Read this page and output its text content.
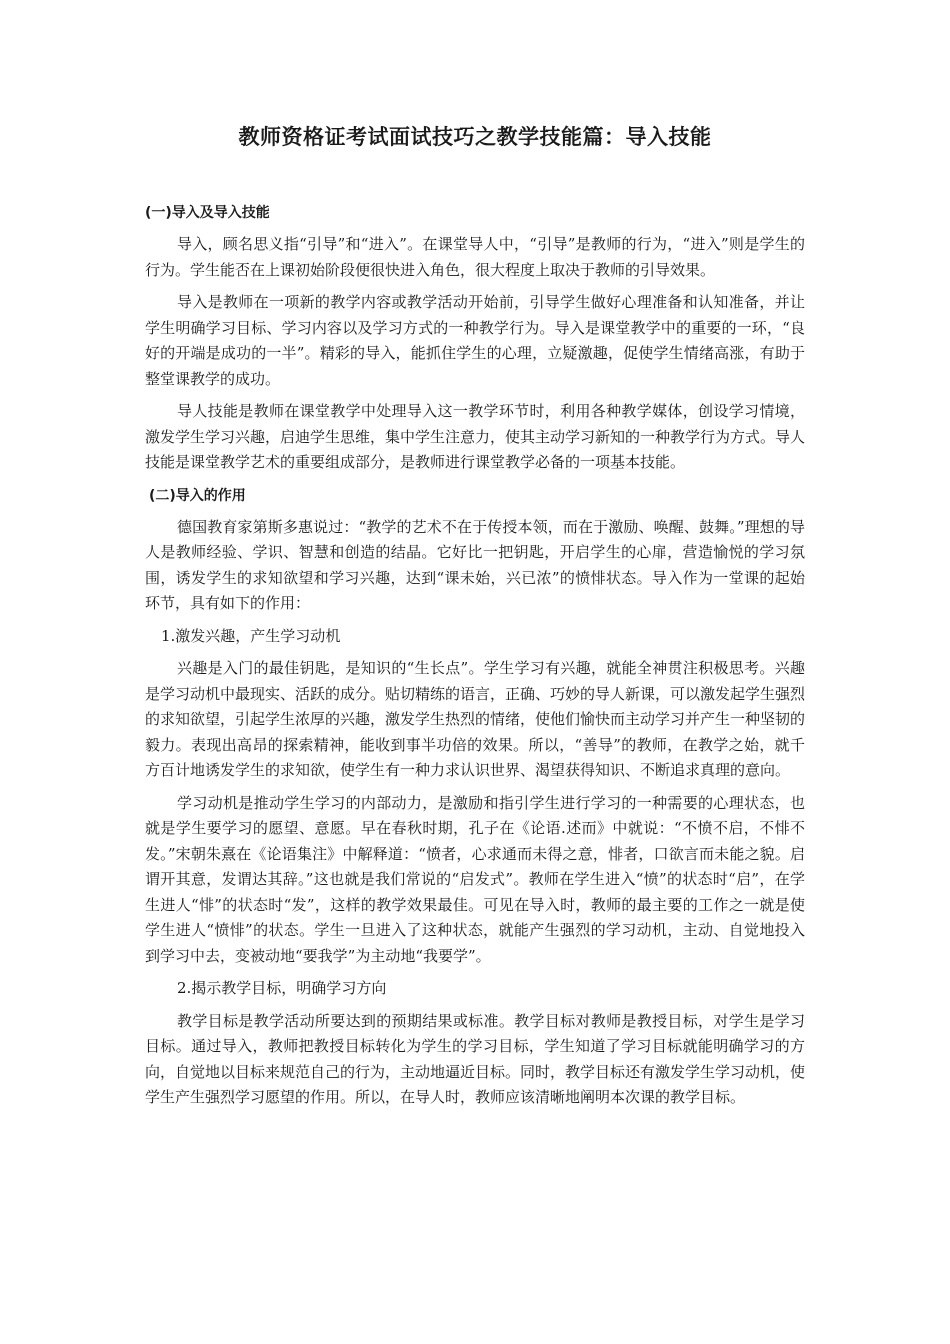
教师资格证考试面试技巧之教学技能篇：导入技能
(一)导入及导入技能

导入，顾名思义指“引导”和“进入”。在课堂导人中，“引导”是教师的行为，“进入”则是学生的行为。学生能否在上课初始阶段便很快进入角色，很大程度上取决于教师的引导效果。

导入是教师在一项新的教学内容或教学活动开始前，引导学生做好心理准备和认知准备，并让学生明确学习目标、学习内容以及学习方式的一种教学行为。导入是课堂教学中的重要的一环，“良好的开端是成功的一半”。精彩的导入，能抓住学生的心理，立疑激趣，促使学生情绪高涨，有助于整堂课教学的成功。

导人技能是教师在课堂教学中处理导入这一教学环节时，利用各种教学媒体，创设学习情境，激发学生学习兴趣，启迪学生思维，集中学生注意力，使其主动学习新知的一种教学行为方式。导人技能是课堂教学艺术的重要组成部分，是教师进行课堂教学必备的一项基本技能。

(二)导入的作用

德国教育家第斯多惠说过：“教学的艺术不在于传授本领，而在于激励、唤醒、鼓舞。”理想的导人是教师经验、学识、智慧和创造的结晶。它好比一把钥匙，开启学生的心扉，营造愉悦的学习氛围，诱发学生的求知欲望和学习兴趣，达到“课未始，兴已浓”的愤悱状态。导入作为一堂课的起始环节，具有如下的作用：

1.激发兴趣，产生学习动机

兴趣是入门的最佳钥匙，是知识的“生长点”。学生学习有兴趣，就能全神贯注积极思考。兴趣是学习动机中最现实、活跃的成分。贴切精练的语言，正确、巧妙的导人新课，可以激发起学生强烈的求知欲望，引起学生浓厚的兴趣，激发学生热烈的情绪，使他们愉快而主动学习并产生一种坚韧的毅力。表现出高昂的探索精神，能收到事半功倍的效果。所以，“善导”的教师，在教学之始，就千方百计地诱发学生的求知欲，使学生有一种力求认识世界、渴望获得知识、不断追求真理的意向。

学习动机是推动学生学习的内部动力，是激励和指引学生进行学习的一种需要的心理状态，也就是学生要学习的愿望、意愿。早在春秋时期，孔子在《论语.述而》中就说：“不愤不启，不悱不发。”宋朝朱熹在《论语集注》中解释道：“愤者，心求通而未得之意，悱者，口欲言而未能之貌。启谓开其意，发谓达其辞。”这也就是我们常说的“启发式”。教师在学生进入“愤”的状态时“启”，在学生进人“悱”的状态时“发”，这样的教学效果最佳。可见在导入时，教师的最主要的工作之一就是使学生进人“愤悱”的状态。学生一旦进入了这种状态，就能产生强烈的学习动机，主动、自觉地投入到学习中去，变被动地“要我学”为主动地“我要学”。

2.揭示教学目标，明确学习方向

教学目标是教学活动所要达到的预期结果或标准。教学目标对教师是教授目标，对学生是学习目标。通过导入，教师把教授目标转化为学生的学习目标，学生知道了学习目标就能明确学习的方向，自觉地以目标来规范自己的行为，主动地逼近目标。同时，教学目标还有激发学生学习动机，使学生产生强烈学习愿望的作用。所以，在导人时，教师应该清晰地阐明本次课的教学目标。
